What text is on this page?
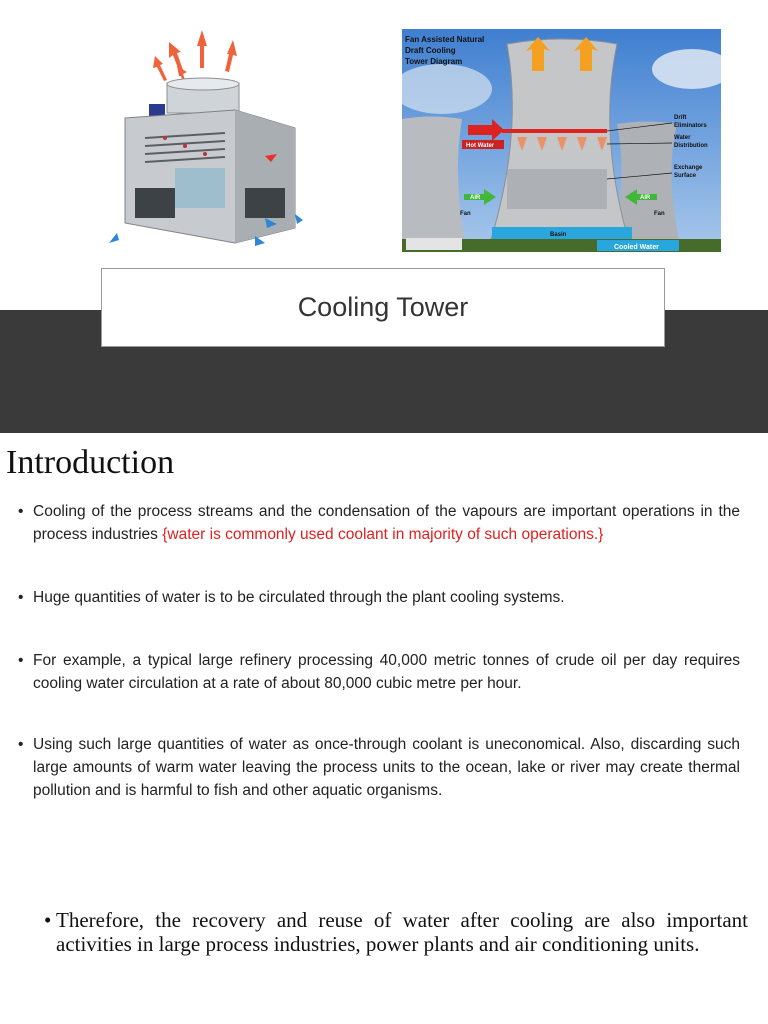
Fan Assisted Natural
Draft Cooling
Tower Diagram
Drift
Eliminators
Water
Distribution
Exchange
Surface
Hot Water
AIR	AIR
Fan	Fan
Basin
Cooled Water
Cooling Tower
Introduction
• Cooling of the process streams and the condensation of the vapours are important operations in the process industries {water is commonly used coolant in majority of such operations.}
• Huge quantities of water is to be circulated through the plant cooling systems.
• For example, a typical large refinery processing 40,000 metric tonnes of crude oil per day requires cooling water circulation at a rate of about 80,000 cubic metre per hour.
• Using such large quantities of water as once-through coolant is uneconomical. Also, discarding such large amounts of warm water leaving the process units to the ocean, lake or river may create thermal pollution and is harmful to fish and other aquatic organisms.
• Therefore, the recovery and reuse of water after cooling are also important activities in large process industries, power plants and air conditioning units.
